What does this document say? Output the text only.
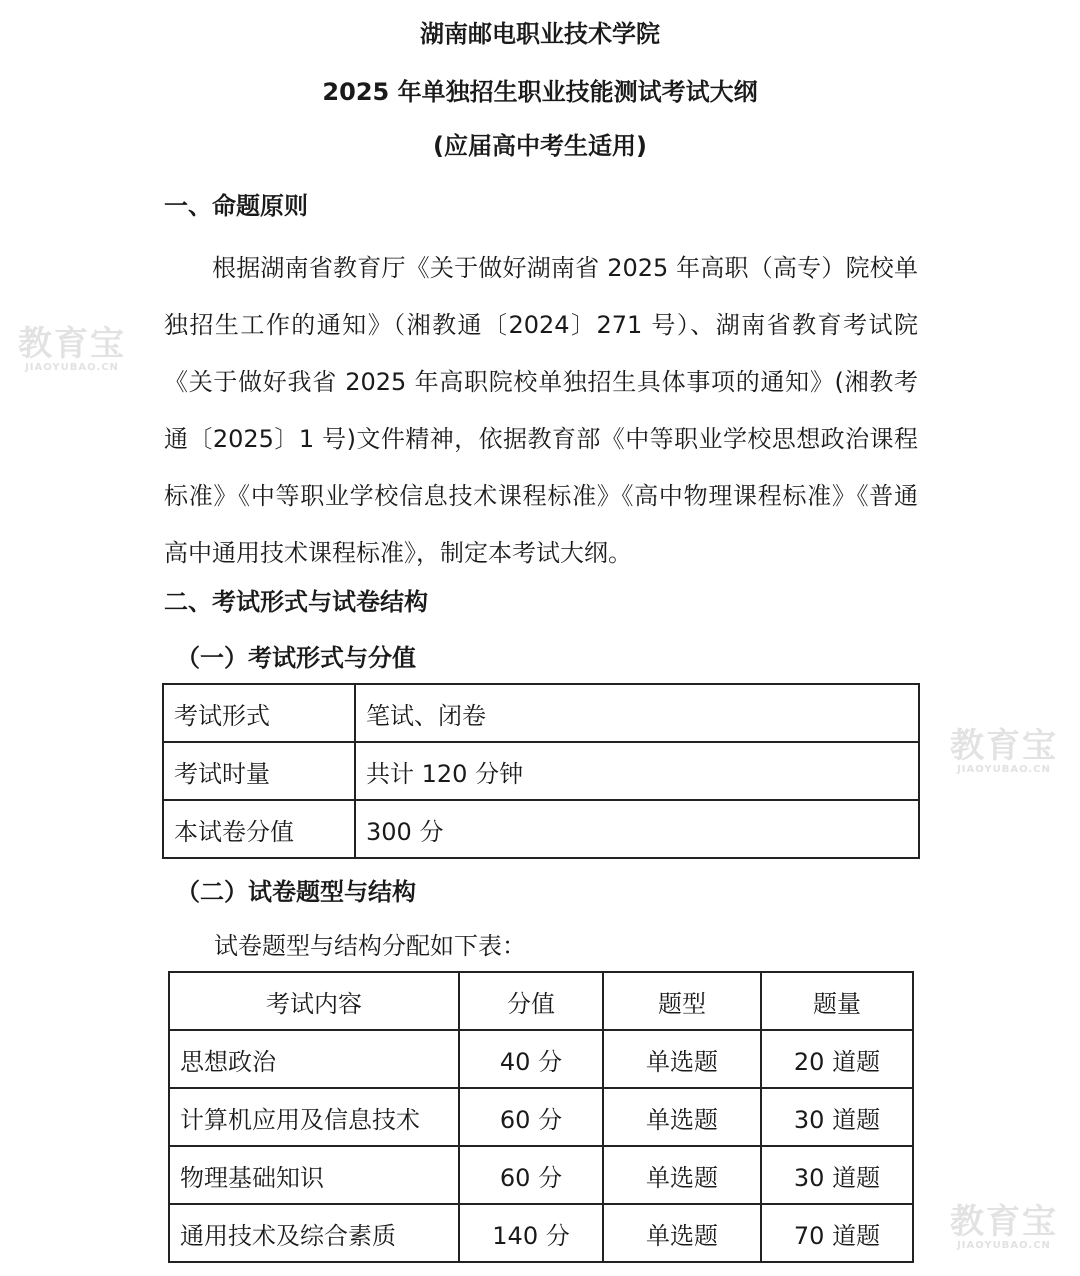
教育宝
JIAOYUBAO.CN
教育宝
JIAOYUBAO.CN
教育宝
JIAOYUBAO.CN
湖南邮电职业技术学院
2025 年单独招生职业技能测试考试大纲
(应届高中考生适用)
一、命题原则

根据湖南省教育厅《关于做好湖南省 2025 年高职（高专）院校单独招生工作的通知》（湘教通〔2024〕271 号）、湖南省教育考试院《关于做好我省 2025 年高职院校单独招生具体事项的通知》(湘教考通〔2025〕1 号)文件精神，依据教育部《中等职业学校思想政治课程标准》《中等职业学校信息技术课程标准》《高中物理课程标准》《普通高中通用技术课程标准》，制定本考试大纲。

二、考试形式与试卷结构
（一）考试形式与分值
考试形式	笔试、闭卷
考试时量	共计 120 分钟
本试卷分值	300 分
（二）试卷题型与结构
试卷题型与结构分配如下表：
考试内容	分值	题型	题量
思想政治	40 分	单选题	20 道题
计算机应用及信息技术	60 分	单选题	30 道题
物理基础知识	60 分	单选题	30 道题
通用技术及综合素质	140 分	单选题	70 道题
